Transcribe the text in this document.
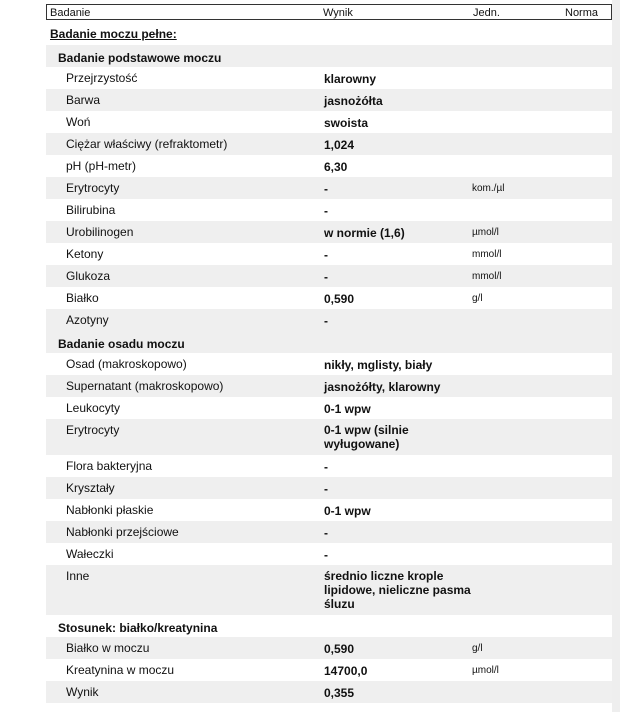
Badanie	Wynik	Jedn.	Norma
Badanie moczu pełne:
Badanie podstawowe moczu
Przejrzystość	klarowny
Barwa	jasnożółta
Woń	swoista
Ciężar właściwy (refraktometr)	1,024
pH (pH-metr)	6,30
Erytrocyty	-	kom./µl
Bilirubina	-
Urobilinogen	w normie (1,6)	µmol/l
Ketony	-	mmol/l
Glukoza	-	mmol/l
Białko	0,590	g/l
Azotyny	-
Badanie osadu moczu
Osad (makroskopowo)	nikły, mglisty, biały
Supernatant (makroskopowo)	jasnożółty, klarowny
Leukocyty	0-1 wpw
Erytrocyty	0-1 wpw (silnie wyługowane)
Flora bakteryjna	-
Kryształy	-
Nabłonki płaskie	0-1 wpw
Nabłonki przejściowe	-
Wałeczki	-
Inne	średnio liczne krople lipidowe, nieliczne pasma śluzu
Stosunek: białko/kreatynina
Białko w moczu	0,590	g/l
Kreatynina w moczu	14700,0	µmol/l
Wynik	0,355
